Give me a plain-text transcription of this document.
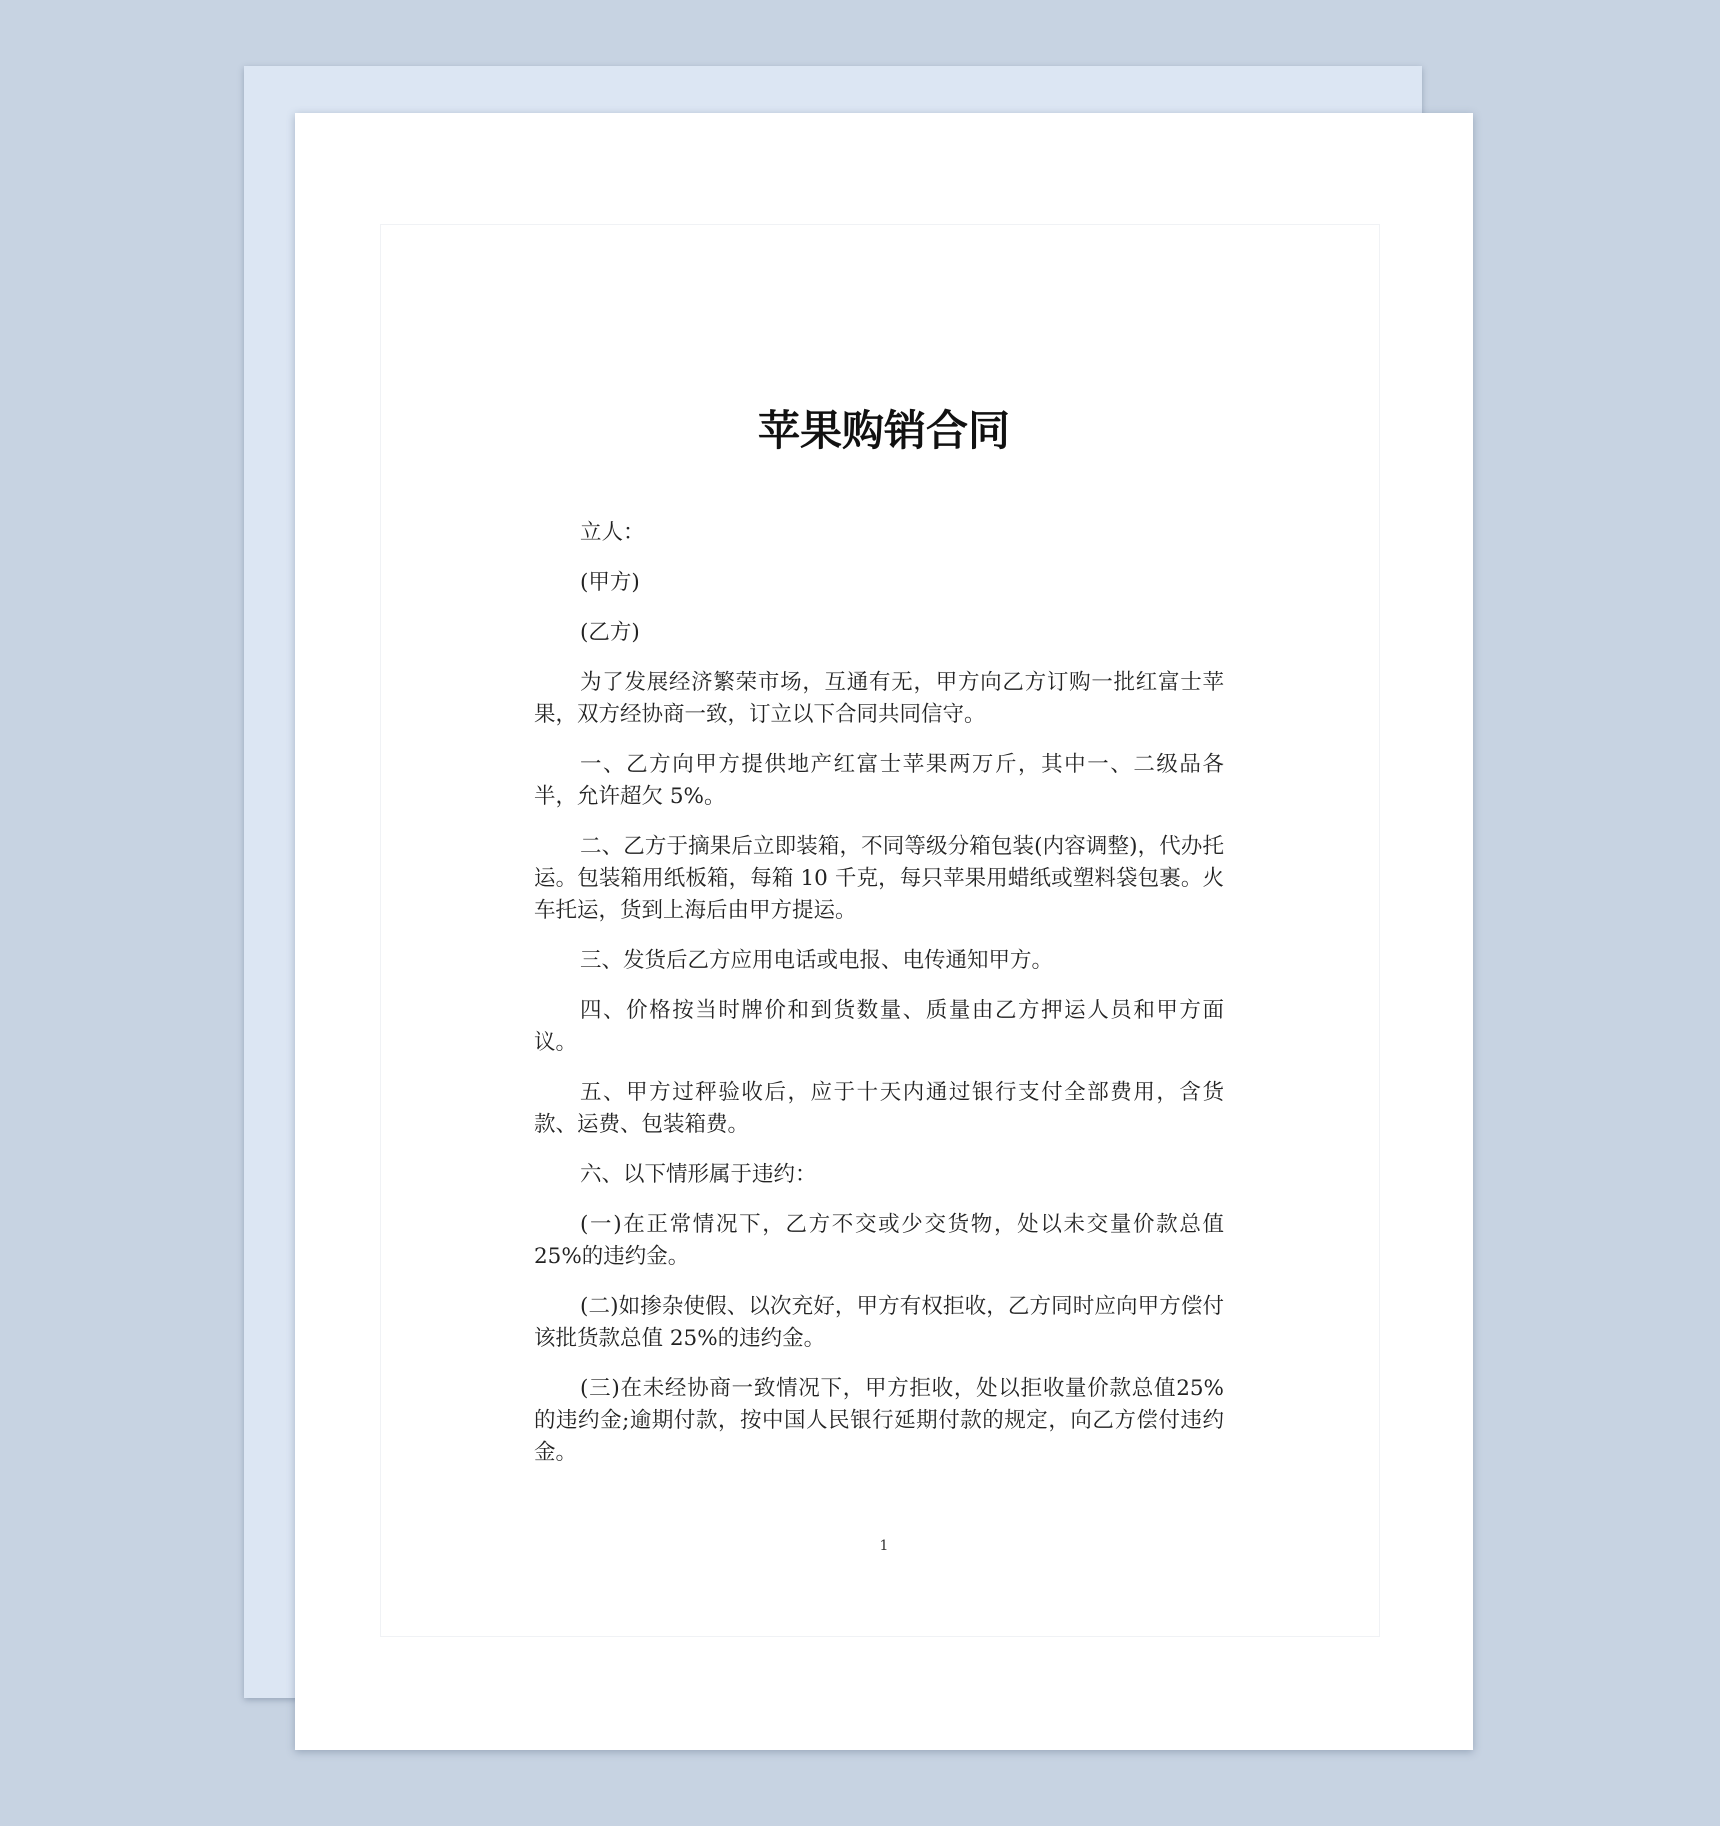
苹果购销合同

立人：

(甲方)

(乙方)

为了发展经济繁荣市场，互通有无，甲方向乙方订购一批红富士苹果，双方经协商一致，订立以下合同共同信守。

一、乙方向甲方提供地产红富士苹果两万斤，其中一、二级品各半，允许超欠 5%。

二、乙方于摘果后立即装箱，不同等级分箱包装(内容调整)，代办托运。包装箱用纸板箱，每箱 10 千克，每只苹果用蜡纸或塑料袋包裹。火车托运，货到上海后由甲方提运。

三、发货后乙方应用电话或电报、电传通知甲方。

四、价格按当时牌价和到货数量、质量由乙方押运人员和甲方面议。

五、甲方过秤验收后，应于十天内通过银行支付全部费用，含货款、运费、包装箱费。

六、以下情形属于违约：

(一)在正常情况下，乙方不交或少交货物，处以未交量价款总值 25%的违约金。

(二)如掺杂使假、以次充好，甲方有权拒收，乙方同时应向甲方偿付该批货款总值 25%的违约金。

(三)在未经协商一致情况下，甲方拒收，处以拒收量价款总值25%的违约金;逾期付款，按中国人民银行延期付款的规定，向乙方偿付违约金。

1
